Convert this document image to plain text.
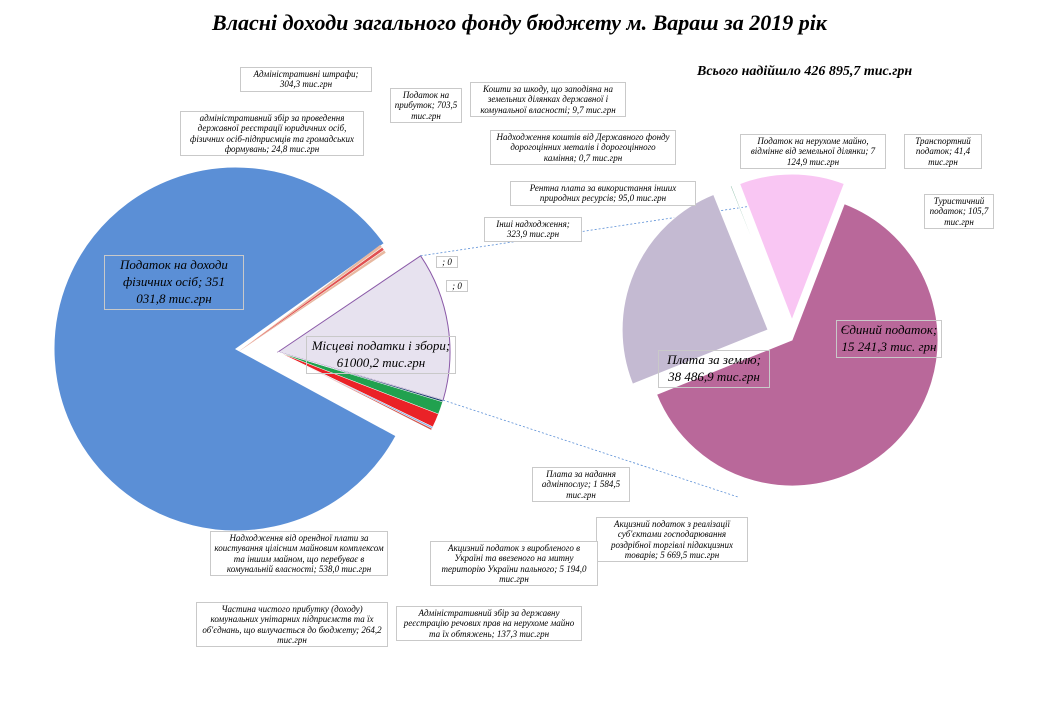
Власні доходи загального фонду бюджету м. Вараш за 2019 рік
Всього надійшло 426 895,7 тис.грн
Податок на доходи фізичних осіб; 351 031,8 тис.грн
Місцеві податки і збори; 61000,2 тис.грн	Плата за землю; 38 486,9 тис.грн
Єдиний податок; 15 241,3 тис. грн
Туристичний податок; 105,7 тис.грн
Транспортний податок; 41,4 тис.грн
Податок на нерухоме майно, відмінне від земельної ділянки; 7 124,9 тис.грн
Адміністративні штрафи; 304,3 тис.грн
адміністративний збір за проведення державної реєстрації юридичних осіб, фізичних осіб-підприємців та громадських формувань; 24,8 тис.грн
Податок на прибуток; 703,5 тис.грн
Кошти за шкоду, що заподіяна на земельних ділянках державної і комунальної власності; 9,7 тис.грн
Надходження коштів від Державного фонду дорогоцінних металів і дорогоцінного каміння; 0,7 тис.грн
Рентна плата за використання інших природних ресурсів; 95,0 тис.грн
Інші надходження; 323,9 тис.грн
; 0
; 0
Плата за надання адмінпослуг; 1 584,5 тис.грн
Акцизний податок з реалізації суб'єктами господарювання роздрібної торгівлі підакцизних товарів; 5 669,5 тис.грн
Акцизний податок з виробленого в Україні та ввезеного на митну територію України пального; 5 194,0 тис.грн
Надходження від орендної плати за коистування цілісним майновим комплексом та іншим майном, що перебуває в комунальній власності; 538,0 тис.грн
Частина чистого прибутку (доходу) комунальних унітарних підприємств та їх об'єднань, що вилучається до бюджету; 264,2 тис.грн
Адміністративний збір за державну реєстрацію речових прав на нерухоме майно та їх обтяжень; 137,3 тис.грн
